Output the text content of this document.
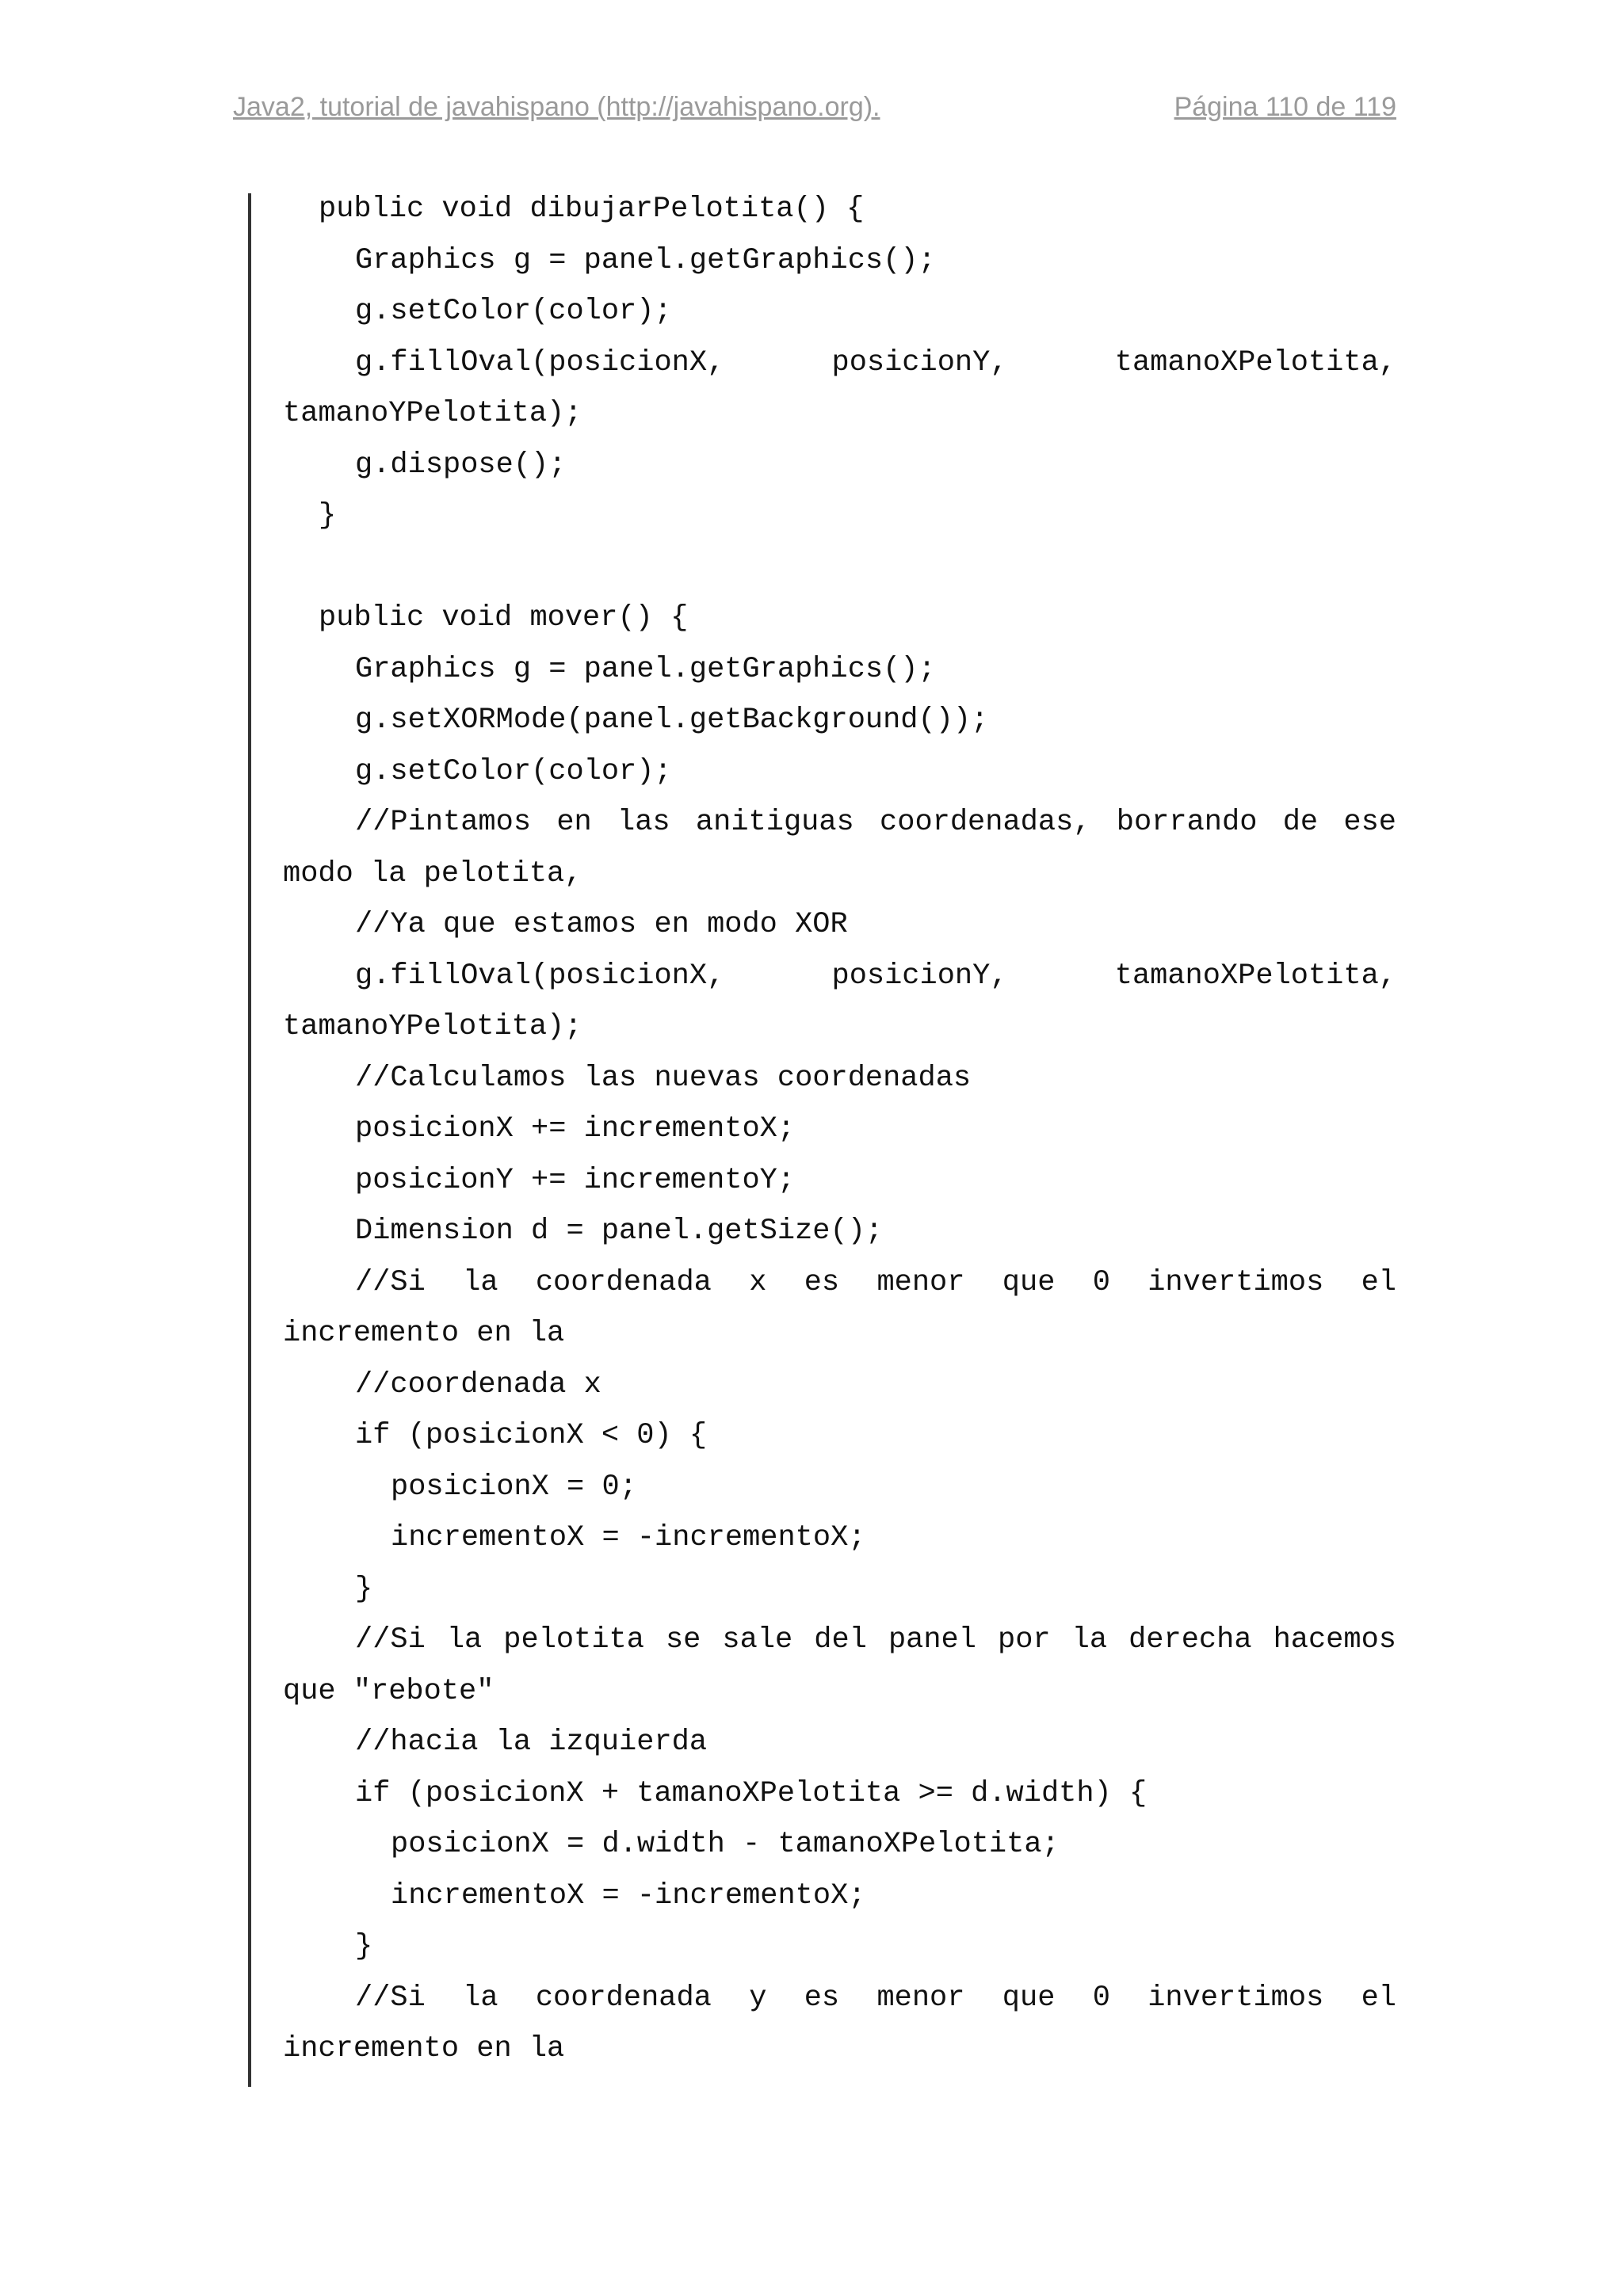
Java2, tutorial de javahispano (http://javahispano.org).	Página 110 de 119
public void dibujarPelotita() {
Graphics g = panel.getGraphics();
g.setColor(color);
g.fillOval(posicionX, posicionY, tamanoXPelotita,
tamanoYPelotita);
g.dispose();
}
public void mover() {
Graphics g = panel.getGraphics();
g.setXORMode(panel.getBackground());
g.setColor(color);
//Pintamos en las anitiguas coordenadas, borrando de ese
modo la pelotita,
//Ya que estamos en modo XOR
g.fillOval(posicionX, posicionY, tamanoXPelotita,
tamanoYPelotita);
//Calculamos las nuevas coordenadas
posicionX += incrementoX;
posicionY += incrementoY;
Dimension d = panel.getSize();
//Si la coordenada x es menor que 0 invertimos el
incremento en la
//coordenada x
if (posicionX < 0) {
posicionX = 0;
incrementoX = -incrementoX;
}
//Si la pelotita se sale del panel por la derecha hacemos
que "rebote"
//hacia la izquierda
if (posicionX + tamanoXPelotita >= d.width) {
posicionX = d.width - tamanoXPelotita;
incrementoX = -incrementoX;
}
//Si la coordenada y es menor que 0 invertimos el
incremento en la
